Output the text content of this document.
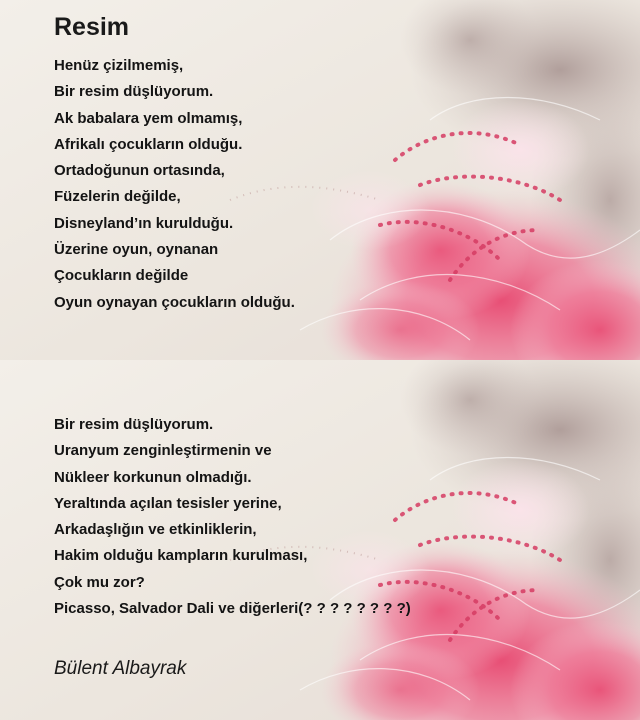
Resim
Henüz çizilmemiş,
Bir resim düşlüyorum.
Ak babalara yem olmamış,
Afrikalı çocukların olduğu.
Ortadoğunun ortasında,
Füzelerin değilde,
Disneyland’ın kurulduğu.
Üzerine oyun, oynanan
Çocukların değilde
Oyun oynayan çocukların olduğu.
Bir resim düşlüyorum.
Uranyum zenginleştirmenin ve
Nükleer korkunun olmadığı.
Yeraltında açılan tesisler yerine,
Arkadaşlığın ve etkinliklerin,
Hakim olduğu kampların kurulması,
Çok mu zor?
Picasso, Salvador Dali ve diğerleri(? ? ? ? ? ? ? ?)
Bülent Albayrak
